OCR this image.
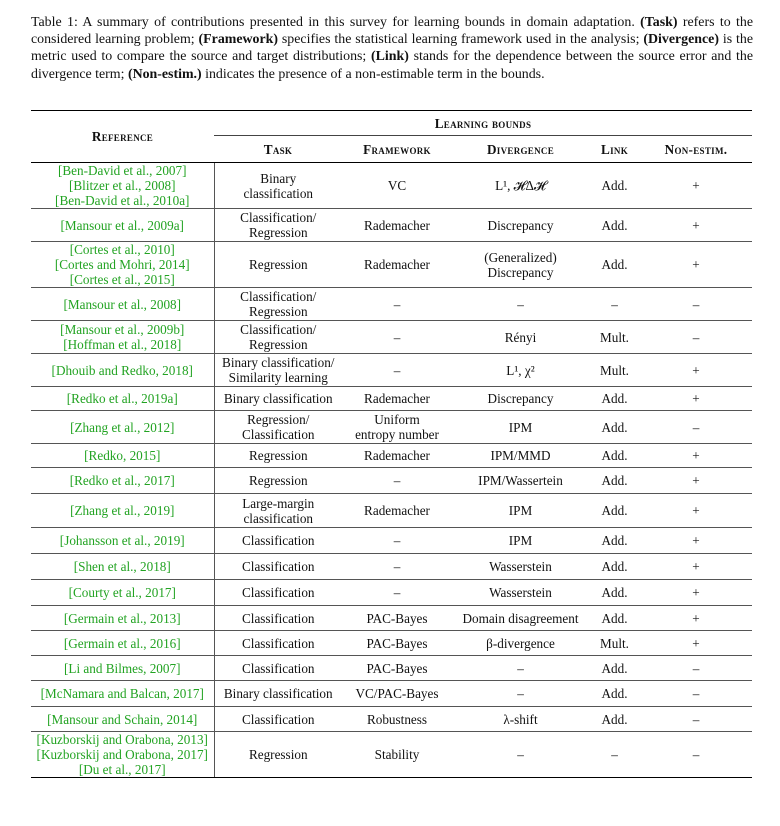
Table 1: A summary of contributions presented in this survey for learning bounds in domain adaptation. (Task) refers to the considered learning problem; (Framework) specifies the statistical learning framework used in the analysis; (Divergence) is the metric used to compare the source and target distributions; (Link) stands for the dependence between the source error and the divergence term; (Non-estim.) indicates the presence of a non-estimable term in the bounds.
Reference	Learning bounds				
	Task	Framework	Divergence	Link	Non-estim.

[Ben-David et al., 2007]
[Blitzer et al., 2008]
[Ben-David et al., 2010a]	Binary
classification	VC	L¹, 𝓗Δ𝓗	Add.	+

[Mansour et al., 2009a]	Classification/
Regression	Rademacher	Discrepancy	Add.	+

[Cortes et al., 2010]
[Cortes and Mohri, 2014]
[Cortes et al., 2015]	Regression	Rademacher	(Generalized)
Discrepancy	Add.	+

[Mansour et al., 2008]	Classification/
Regression	–	–	–	–

[Mansour et al., 2009b]
[Hoffman et al., 2018]	Classification/
Regression	–	Rényi	Mult.	–

[Dhouib and Redko, 2018]	Binary classification/
Similarity learning	–	L¹, χ²	Mult.	+

[Redko et al., 2019a]	Binary classification	Rademacher	Discrepancy	Add.	+

[Zhang et al., 2012]	Regression/
Classification	Uniform
entropy number	IPM	Add.	–

[Redko, 2015]	Regression	Rademacher	IPM/MMD	Add.	+

[Redko et al., 2017]	Regression	–	IPM/Wassertein	Add.	+

[Zhang et al., 2019]	Large-margin
classification	Rademacher	IPM	Add.	+

[Johansson et al., 2019]	Classification	–	IPM	Add.	+

[Shen et al., 2018]	Classification	–	Wasserstein	Add.	+

[Courty et al., 2017]	Classification	–	Wasserstein	Add.	+

[Germain et al., 2013]	Classification	PAC-Bayes	Domain disagreement	Add.	+

[Germain et al., 2016]	Classification	PAC-Bayes	β-divergence	Mult.	+

[Li and Bilmes, 2007]	Classification	PAC-Bayes	–	Add.	–

[McNamara and Balcan, 2017]	Binary classification	VC/PAC-Bayes	–	Add.	–

[Mansour and Schain, 2014]	Classification	Robustness	λ-shift	Add.	–

[Kuzborskij and Orabona, 2013]
[Kuzborskij and Orabona, 2017]
[Du et al., 2017]	Regression	Stability	–	–	–
